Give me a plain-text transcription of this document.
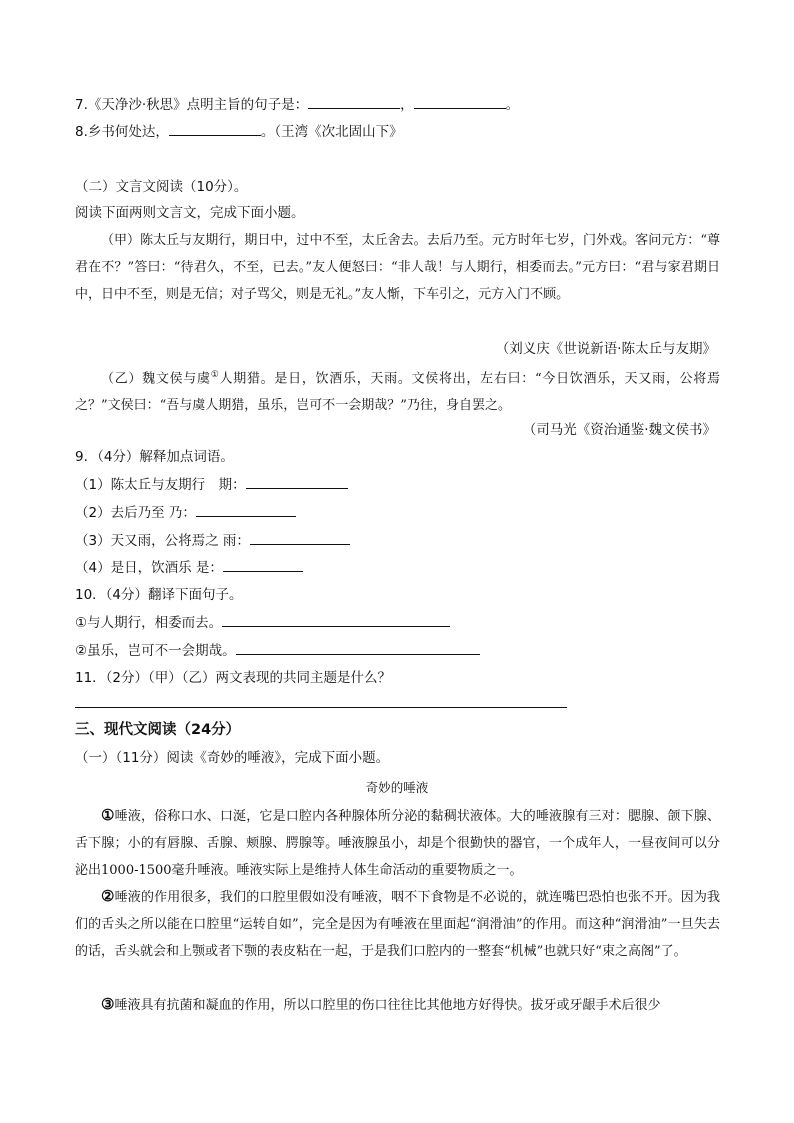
7.《天净沙·秋思》点明主旨的句子是：	，	。
8.乡书何处达，	。（王湾《次北固山下》
（二）文言文阅读（10分）。
阅读下面两则文言文，完成下面小题。
（甲）陈太丘与友期行，期日中，过中不至，太丘舍去。去后乃至。元方时年七岁，门外戏。客问元方：“尊君在不？”答曰：“待君久，不至，已去。”友人便怒曰：“非人哉！与人期行，相委而去。”元方曰：“君与家君期日中，日中不至，则是无信；对子骂父，则是无礼。”友人惭，下车引之，元方入门不顾。
（刘义庆《世说新语·陈太丘与友期》
（乙）魏文侯与虞①人期猎。是日，饮酒乐，天雨。文侯将出，左右曰：“今日饮酒乐，天又雨，公将焉之？”文侯曰：“吾与虞人期猎，虽乐，岂可不一会期哉？”乃往，身自罢之。
（司马光《资治通鉴·魏文侯书》
9．（4分）解释加点词语。
（1）陈太丘与友期行　期：
（2）去后乃至 乃：
（3）天又雨，公将焉之 雨：
（4）是日，饮酒乐 是：
10．（4分）翻译下面句子。
①与人期行，相委而去。
②虽乐，岂可不一会期哉。
11．（2分）（甲）（乙）两文表现的共同主题是什么？
三、现代文阅读（24分）
（一）（11分）阅读《奇妙的唾液》，完成下面小题。
奇妙的唾液
①唾液，俗称口水、口涎，它是口腔内各种腺体所分泌的黏稠状液体。大的唾液腺有三对：腮腺、颌下腺、舌下腺；小的有唇腺、舌腺、颊腺、腭腺等。唾液腺虽小，却是个很勤快的器官，一个成年人，一昼夜间可以分泌出1000-1500毫升唾液。唾液实际上是维持人体生命活动的重要物质之一。
②唾液的作用很多，我们的口腔里假如没有唾液，咽不下食物是不必说的，就连嘴巴恐怕也张不开。因为我们的舌头之所以能在口腔里“运转自如”，完全是因为有唾液在里面起“润滑油”的作用。而这种“润滑油”一旦失去的话，舌头就会和上颚或者下颚的表皮粘在一起，于是我们口腔内的一整套“机械”也就只好“束之高阁”了。
③唾液具有抗菌和凝血的作用，所以口腔里的伤口往往比其他地方好得快。拔牙或牙龈手术后很少
